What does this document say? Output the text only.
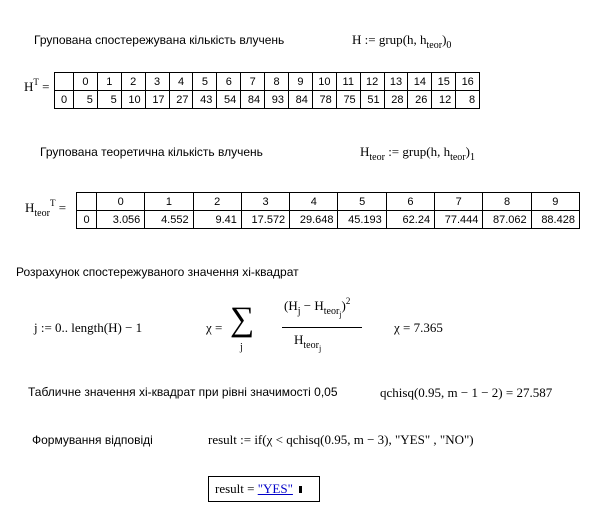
Групована спостережувана кількість влучень	H := grup(h, $h_{teor})_0$
$H^T$ =
		0	1	2	3	4	5	6	7	8	9	10	11	12	13	14	15	16
0	5	5	10	17	27	43	54	84	93	84	78	75	51	28	26	12	8
Групована теоретична кількість влучень	$H_{teor}$ := grup(h, $h_{teor})_1$
$H_{teor}^T$ =
		0	1	2	3	4	5	6	7	8	9
0	3.056	4.552	9.41	17.572	29.648	45.193	62.24	77.444	87.062	88.428
Розрахунок спостережуваного значення хі-квадрат
j := 0.. length(H) − 1	χ = ∑
j
$(H_j - H_{teorj})^2$
$H_{teorj}$
χ = 7.365
Табличне значення хі-квадрат при рівні значимості 0,05	qchisq(0.95, m − 1 − 2) = 27.587
Формування відповіді	result := if(χ < qchisq(0.95, m − 3), "YES" , "NO")
result = "YES"
